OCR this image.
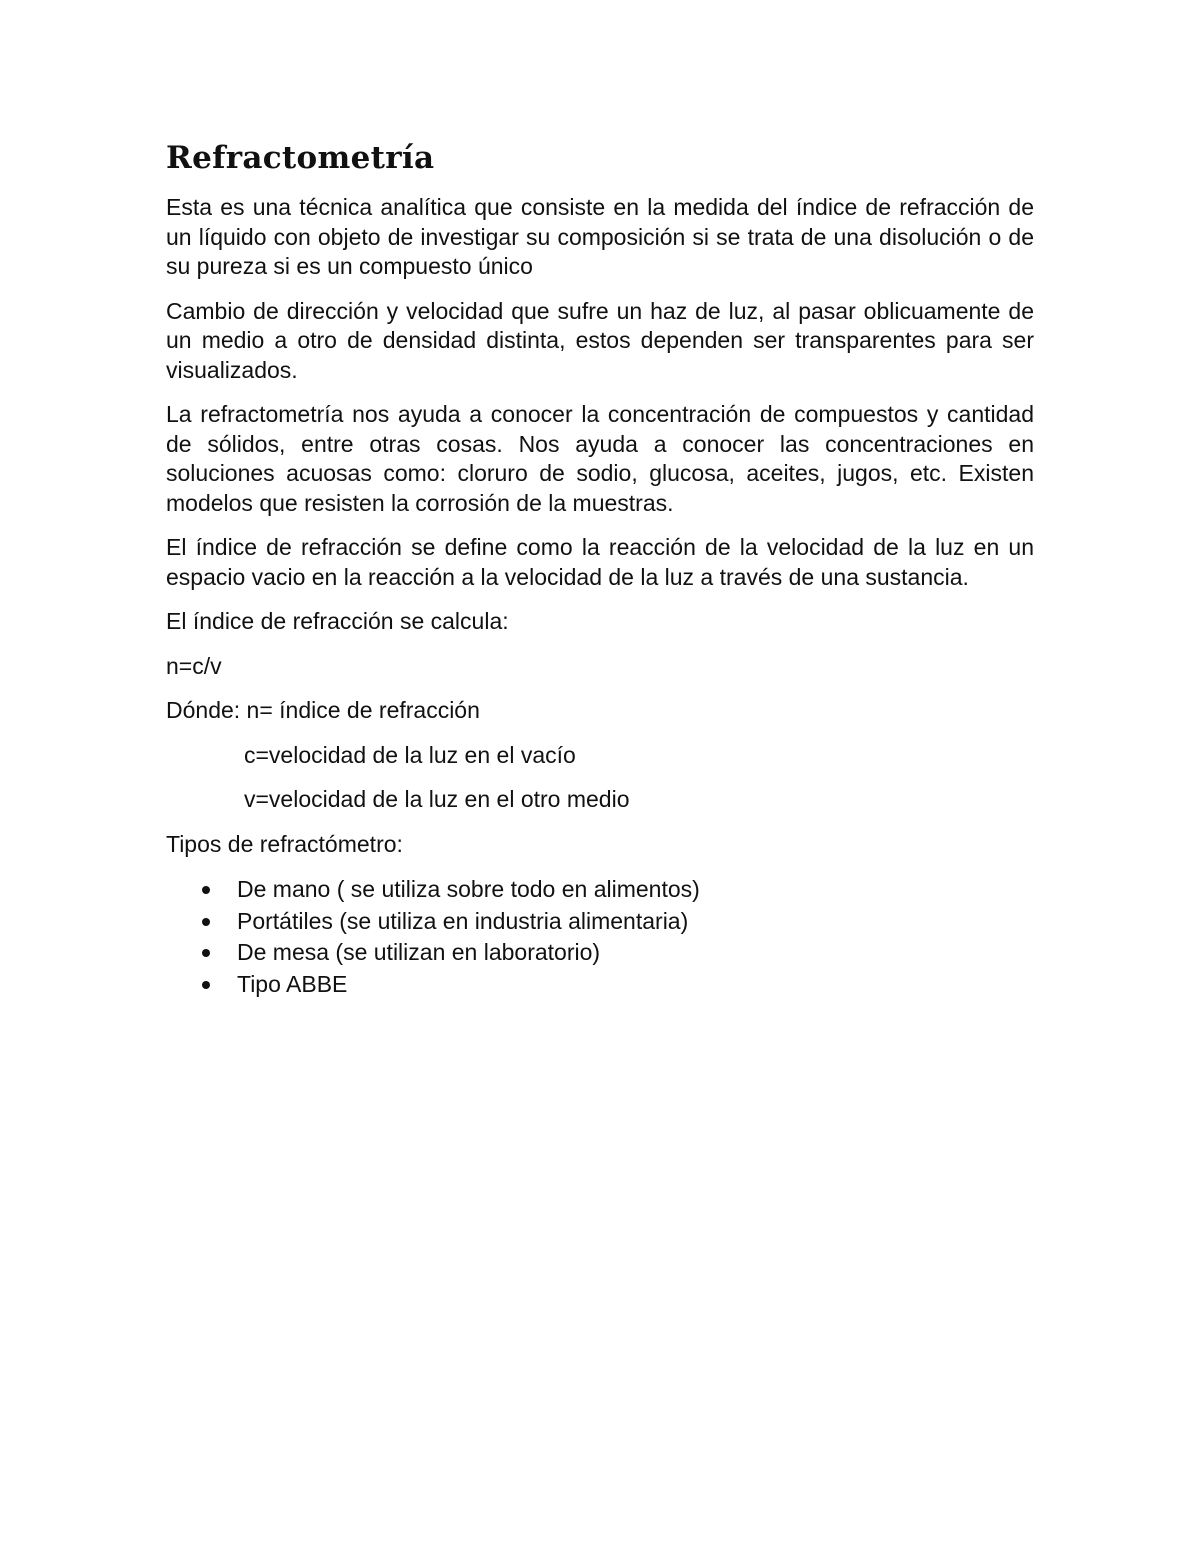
Refractometría

Esta es una técnica analítica que consiste en la medida del índice de refracción de un líquido con objeto de investigar su composición si se trata de una disolución o de su pureza si es un compuesto único

Cambio de dirección y velocidad que sufre un haz de luz, al pasar oblicuamente de un medio a otro de densidad distinta, estos dependen ser transparentes para ser visualizados.

La refractometría nos ayuda a conocer la concentración de compuestos y cantidad de sólidos, entre otras cosas. Nos ayuda a conocer las concentraciones en soluciones acuosas como: cloruro de sodio, glucosa, aceites, jugos, etc. Existen modelos que resisten la corrosión de la muestras.

El índice de refracción se define como la reacción de la velocidad de la luz en un espacio vacio en la reacción a la velocidad de la luz a través de una sustancia.

El índice de refracción se calcula:

n=c/v

Dónde: n= índice de refracción

c=velocidad de la luz en el vacío

v=velocidad de la luz en el otro medio

Tipos de refractómetro:

De mano ( se utiliza sobre todo en alimentos)
Portátiles (se utiliza en industria alimentaria)
De mesa (se utilizan en laboratorio)
Tipo ABBE
